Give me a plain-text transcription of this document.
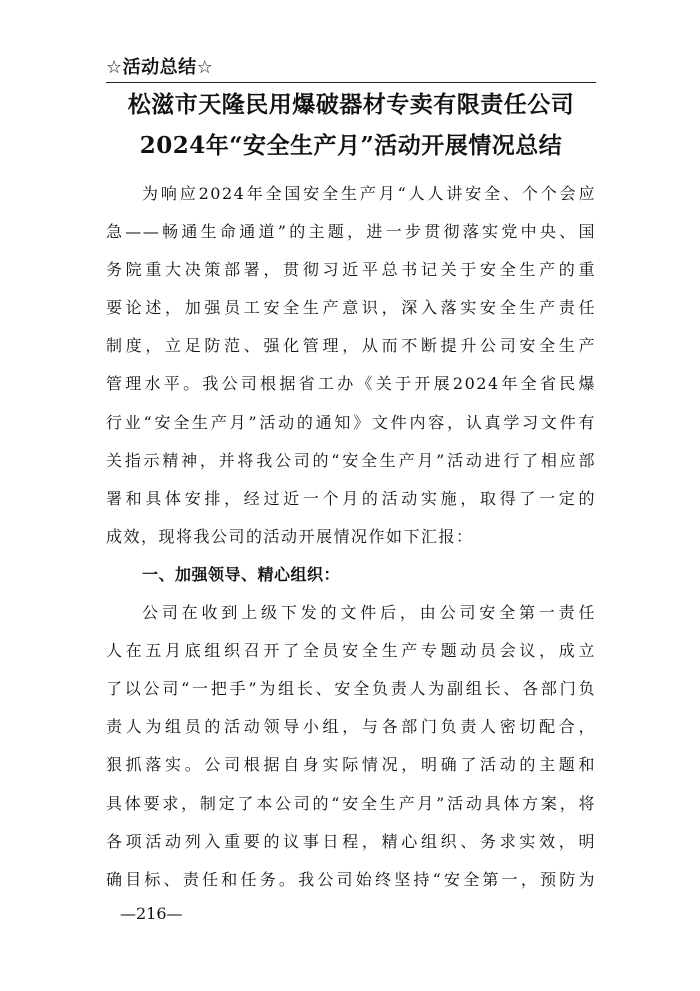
☆活动总结☆
松滋市天隆民用爆破器材专卖有限责任公司
2024年“安全生产月”活动开展情况总结
为响应2024年全国安全生产月“人人讲安全、个个会应
急——畅通生命通道”的主题，进一步贯彻落实党中央、国
务院重大决策部署，贯彻习近平总书记关于安全生产的重
要论述，加强员工安全生产意识，深入落实安全生产责任
制度，立足防范、强化管理，从而不断提升公司安全生产
管理水平。我公司根据省工办《关于开展2024年全省民爆
行业“安全生产月”活动的通知》文件内容，认真学习文件有
关指示精神，并将我公司的“安全生产月”活动进行了相应部
署和具体安排，经过近一个月的活动实施，取得了一定的
成效，现将我公司的活动开展情况作如下汇报：
一、加强领导、精心组织：
公司在收到上级下发的文件后，由公司安全第一责任
人在五月底组织召开了全员安全生产专题动员会议，成立
了以公司“一把手”为组长、安全负责人为副组长、各部门负
责人为组员的活动领导小组，与各部门负责人密切配合，
狠抓落实。公司根据自身实际情况，明确了活动的主题和
具体要求，制定了本公司的“安全生产月”活动具体方案，将
各项活动列入重要的议事日程，精心组织、务求实效，明
确目标、责任和任务。我公司始终坚持“安全第一，预防为
—216—
